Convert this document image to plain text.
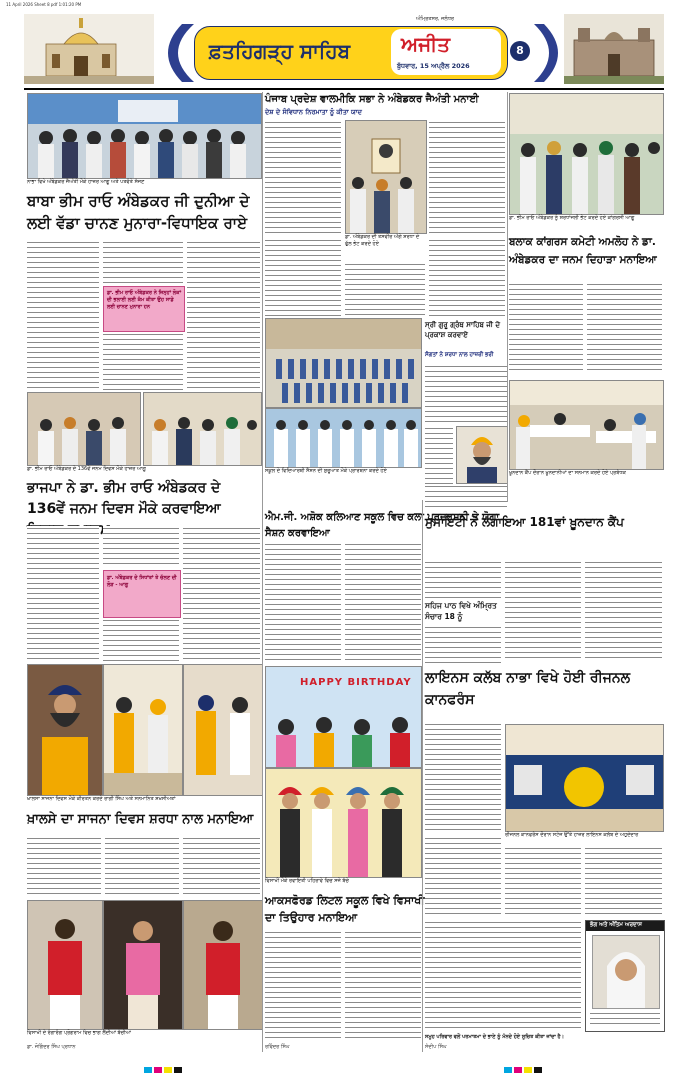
11 April 2026 Sheet 8 pdf 1:01:20 PM
ਫ਼ਤਹਿਗੜ੍ਹ ਸਾਹਿਬ	ਅਜੀਤ
ਬੁੱਧਵਾਰ, 15 ਅਪ੍ਰੈਲ 2026
ਅੰਮ੍ਰਿਤਸਰ, ਜਲੰਧਰ
8
ਨਾਭਾ ਵਿਖੇ ਅੰਬੇਡਕਰ ਜੈਅੰਤੀ ਮੌਕੇ ਹਾਜ਼ਰ ਆਗੂ ਅਤੇ ਪਤਵੰਤੇ ਸੱਜਣ
ਬਾਬਾ ਭੀਮ ਰਾਓ ਅੰਬੇਡਕਰ ਜੀ ਦੁਨੀਆ ਦੇ ਲਈ ਵੱਡਾ ਚਾਨਣ ਮੁਨਾਰਾ-ਵਿਧਾਇਕ ਰਾਏ
ਡਾ. ਭੀਮ ਰਾਓ ਅੰਬੇਡਕਰ ਨੇ ਜਿਨ੍ਹਾਂ ਲੋਕਾਂ ਦੀ ਭਲਾਈ ਲਈ ਕੰਮ ਕੀਤਾ ਉਹ ਸਾਡੇ ਲਈ ਚਾਨਣ ਮੁਨਾਰਾ ਹਨ
ਡਾ. ਭੀਮ ਰਾਓ ਅੰਬੇਡਕਰ ਦੇ 136ਵੇਂ ਜਨਮ ਦਿਵਸ ਮੌਕੇ ਹਾਜ਼ਰ ਆਗੂ
ਭਾਜਪਾ ਨੇ ਡਾ. ਭੀਮ ਰਾਓ ਅੰਬੇਡਕਰ ਦੇ 136ਵੇਂ ਜਨਮ ਦਿਵਸ ਮੌਕੇ ਕਰਵਾਇਆ
ਡਾ. ਅੰਬੇਡਕਰ ਦੇ ਸਿਧਾਂਤਾਂ ਤੇ ਚੱਲਣ ਦੀ ਲੋੜ - ਆਗੂ
ਪੰਜਾਬ ਪ੍ਰਦੇਸ਼ ਵਾਲਮੀਕਿ ਸਭਾ ਨੇ ਅੰਬੇਡਕਰ ਜੈਅੰਤੀ ਮਨਾਈ
ਦੇਸ਼ ਦੇ ਸੰਵਿਧਾਨ ਨਿਰਮਾਤਾ ਨੂੰ ਕੀਤਾ ਯਾਦ
ਡਾ. ਅੰਬੇਡਕਰ ਦੀ ਤਸਵੀਰ ਅੱਗੇ ਸ਼ਰਧਾ ਦੇ ਫੁੱਲ ਭੇਟ ਕਰਦੇ ਹੋਏ
ਡਾ. ਭੀਮ ਰਾਓ ਅੰਬੇਡਕਰ ਨੂੰ ਸ਼ਰਧਾਂਜਲੀ ਭੇਟ ਕਰਦੇ ਹੋਏ ਕਾਂਗਰਸੀ ਆਗੂ
ਬਲਾਕ ਕਾਂਗਰਸ ਕਮੇਟੀ ਅਮਲੋਹ ਨੇ ਡਾ. ਅੰਬੇਡਕਰ ਦਾ ਜਨਮ ਦਿਹਾੜਾ ਮਨਾਇਆ
ਸਕੂਲ ਦੇ ਵਿਦਿਆਰਥੀ ਸੈਸ਼ਨ ਦੀ ਸ਼ੁਰੂਆਤ ਮੌਕੇ ਪ੍ਰਾਰਥਨਾ ਕਰਦੇ ਹੋਏ
ਐਮ.ਜੀ. ਅਸ਼ੋਕ ਕਲਿਆਣ ਸਕੂਲ ਵਿਚ ਕਲਾ ਪ੍ਰਦਰਸ਼ਨੀ ਤੇ ਯੋਗਾ ਸੈਸ਼ਨ ਕਰਵਾਇਆ
ਸ੍ਰੀ ਗੁਰੂ ਗ੍ਰੰਥ ਸਾਹਿਬ ਜੀ ਦੇ ਪ੍ਰਕਾਸ਼ ਕਰਵਾਏ
ਸੰਗਤਾਂ ਨੇ ਸ਼ਰਧਾ ਨਾਲ ਹਾਜ਼ਰੀ ਭਰੀ
ਖ਼ੂਨਦਾਨ ਕੈਂਪ ਦੌਰਾਨ ਖ਼ੂਨਦਾਨੀਆਂ ਦਾ ਸਨਮਾਨ ਕਰਦੇ ਹੋਏ ਪ੍ਰਬੰਧਕ
ਸੁਸਾਇਟੀ ਨੇ ਲਗਾਇਆ 181ਵਾਂ ਖ਼ੂਨਦਾਨ ਕੈਂਪ
ਸਹਿਜ ਪਾਠ ਵਿਖੇ ਅੰਮ੍ਰਿਤ ਸੰਚਾਰ 18 ਨੂੰ
ਖ਼ਾਲਸਾ ਸਾਜਨਾ ਦਿਵਸ ਮੌਕੇ ਕੀਰਤਨ ਕਰਦੇ ਰਾਗੀ ਸਿੰਘ ਅਤੇ ਸਨਮਾਨਿਤ ਸ਼ਖ਼ਸੀਅਤਾਂ
ਖ਼ਾਲਸੇ ਦਾ ਸਾਜਨਾ ਦਿਵਸ ਸ਼ਰਧਾ ਨਾਲ ਮਨਾਇਆ
ਵਿਸਾਖੀ ਦੇ ਰੰਗਾਰੰਗ ਪ੍ਰੋਗਰਾਮ ਵਿਚ ਭਾਗ ਲੈਂਦੀਆਂ ਬੱਚੀਆਂ
HAPPY BIRTHDAY
ਵਿਸਾਖੀ ਮੌਕੇ ਰਵਾਇਤੀ ਪਹਿਰਾਵੇ ਵਿਚ ਸਜੇ ਬੱਚੇ
ਆਕਸਫੋਰਡ ਲਿਟਲ ਸਕੂਲ ਵਿਖੇ ਵਿਸਾਖੀ ਦਾ ਤਿਉਹਾਰ ਮਨਾਇਆ
ਲਾਇਨਸ ਕਲੱਬ ਨਾਭਾ ਵਿਖੇ ਹੋਈ ਰੀਜਨਲ ਕਾਨਫਰੰਸ
ਰੀਜਨਲ ਕਾਨਫਰੰਸ ਦੌਰਾਨ ਸਟੇਜ ਉੱਤੇ ਹਾਜ਼ਰ ਲਾਇਨਸ ਕਲੱਬ ਦੇ ਅਹੁਦੇਦਾਰ
ਭੋਗ ਅਤੇ ਅੰਤਿਮ ਅਰਦਾਸ
ਸਮੂਹ ਪਰਿਵਾਰ ਵਲੋਂ ਪਰਮਾਤਮਾ ਦੇ ਭਾਣੇ ਨੂੰ ਮੰਨਦੇ ਹੋਏ ਸੂਚਿਤ ਕੀਤਾ ਜਾਂਦਾ ਹੈ।
ਰਵਿੰਦਰ ਸਿੰਘ
ਡਾ. ਜੋਗਿੰਦਰ ਸਿੰਘ ਪ੍ਰਧਾਨ	ਸੰਦੀਪ ਸਿੰਘ
